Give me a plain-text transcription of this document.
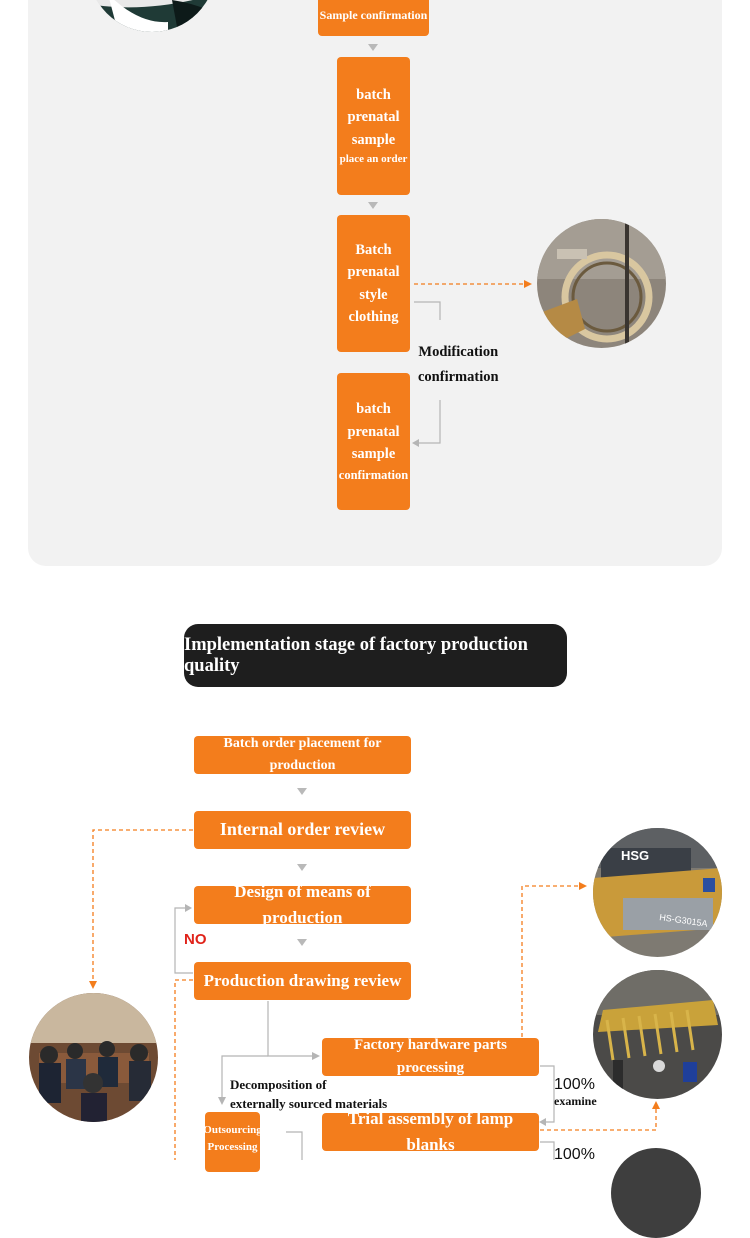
Sample confirmation
batch
prenatal
sample
place an order
Batch
prenatal
style
clothing
Modification
confirmation
batch
prenatal
sample
confirmation
Implementation stage of factory production quality
Batch order placement for production
Internal order review
Design of means of production
NO
Production drawing review
Factory hardware parts processing
Decomposition of
externally sourced materials
Outsourcing
Processing
Trial assembly of lamp blanks
100%
examine
100%
HSG
HS-G3015A
